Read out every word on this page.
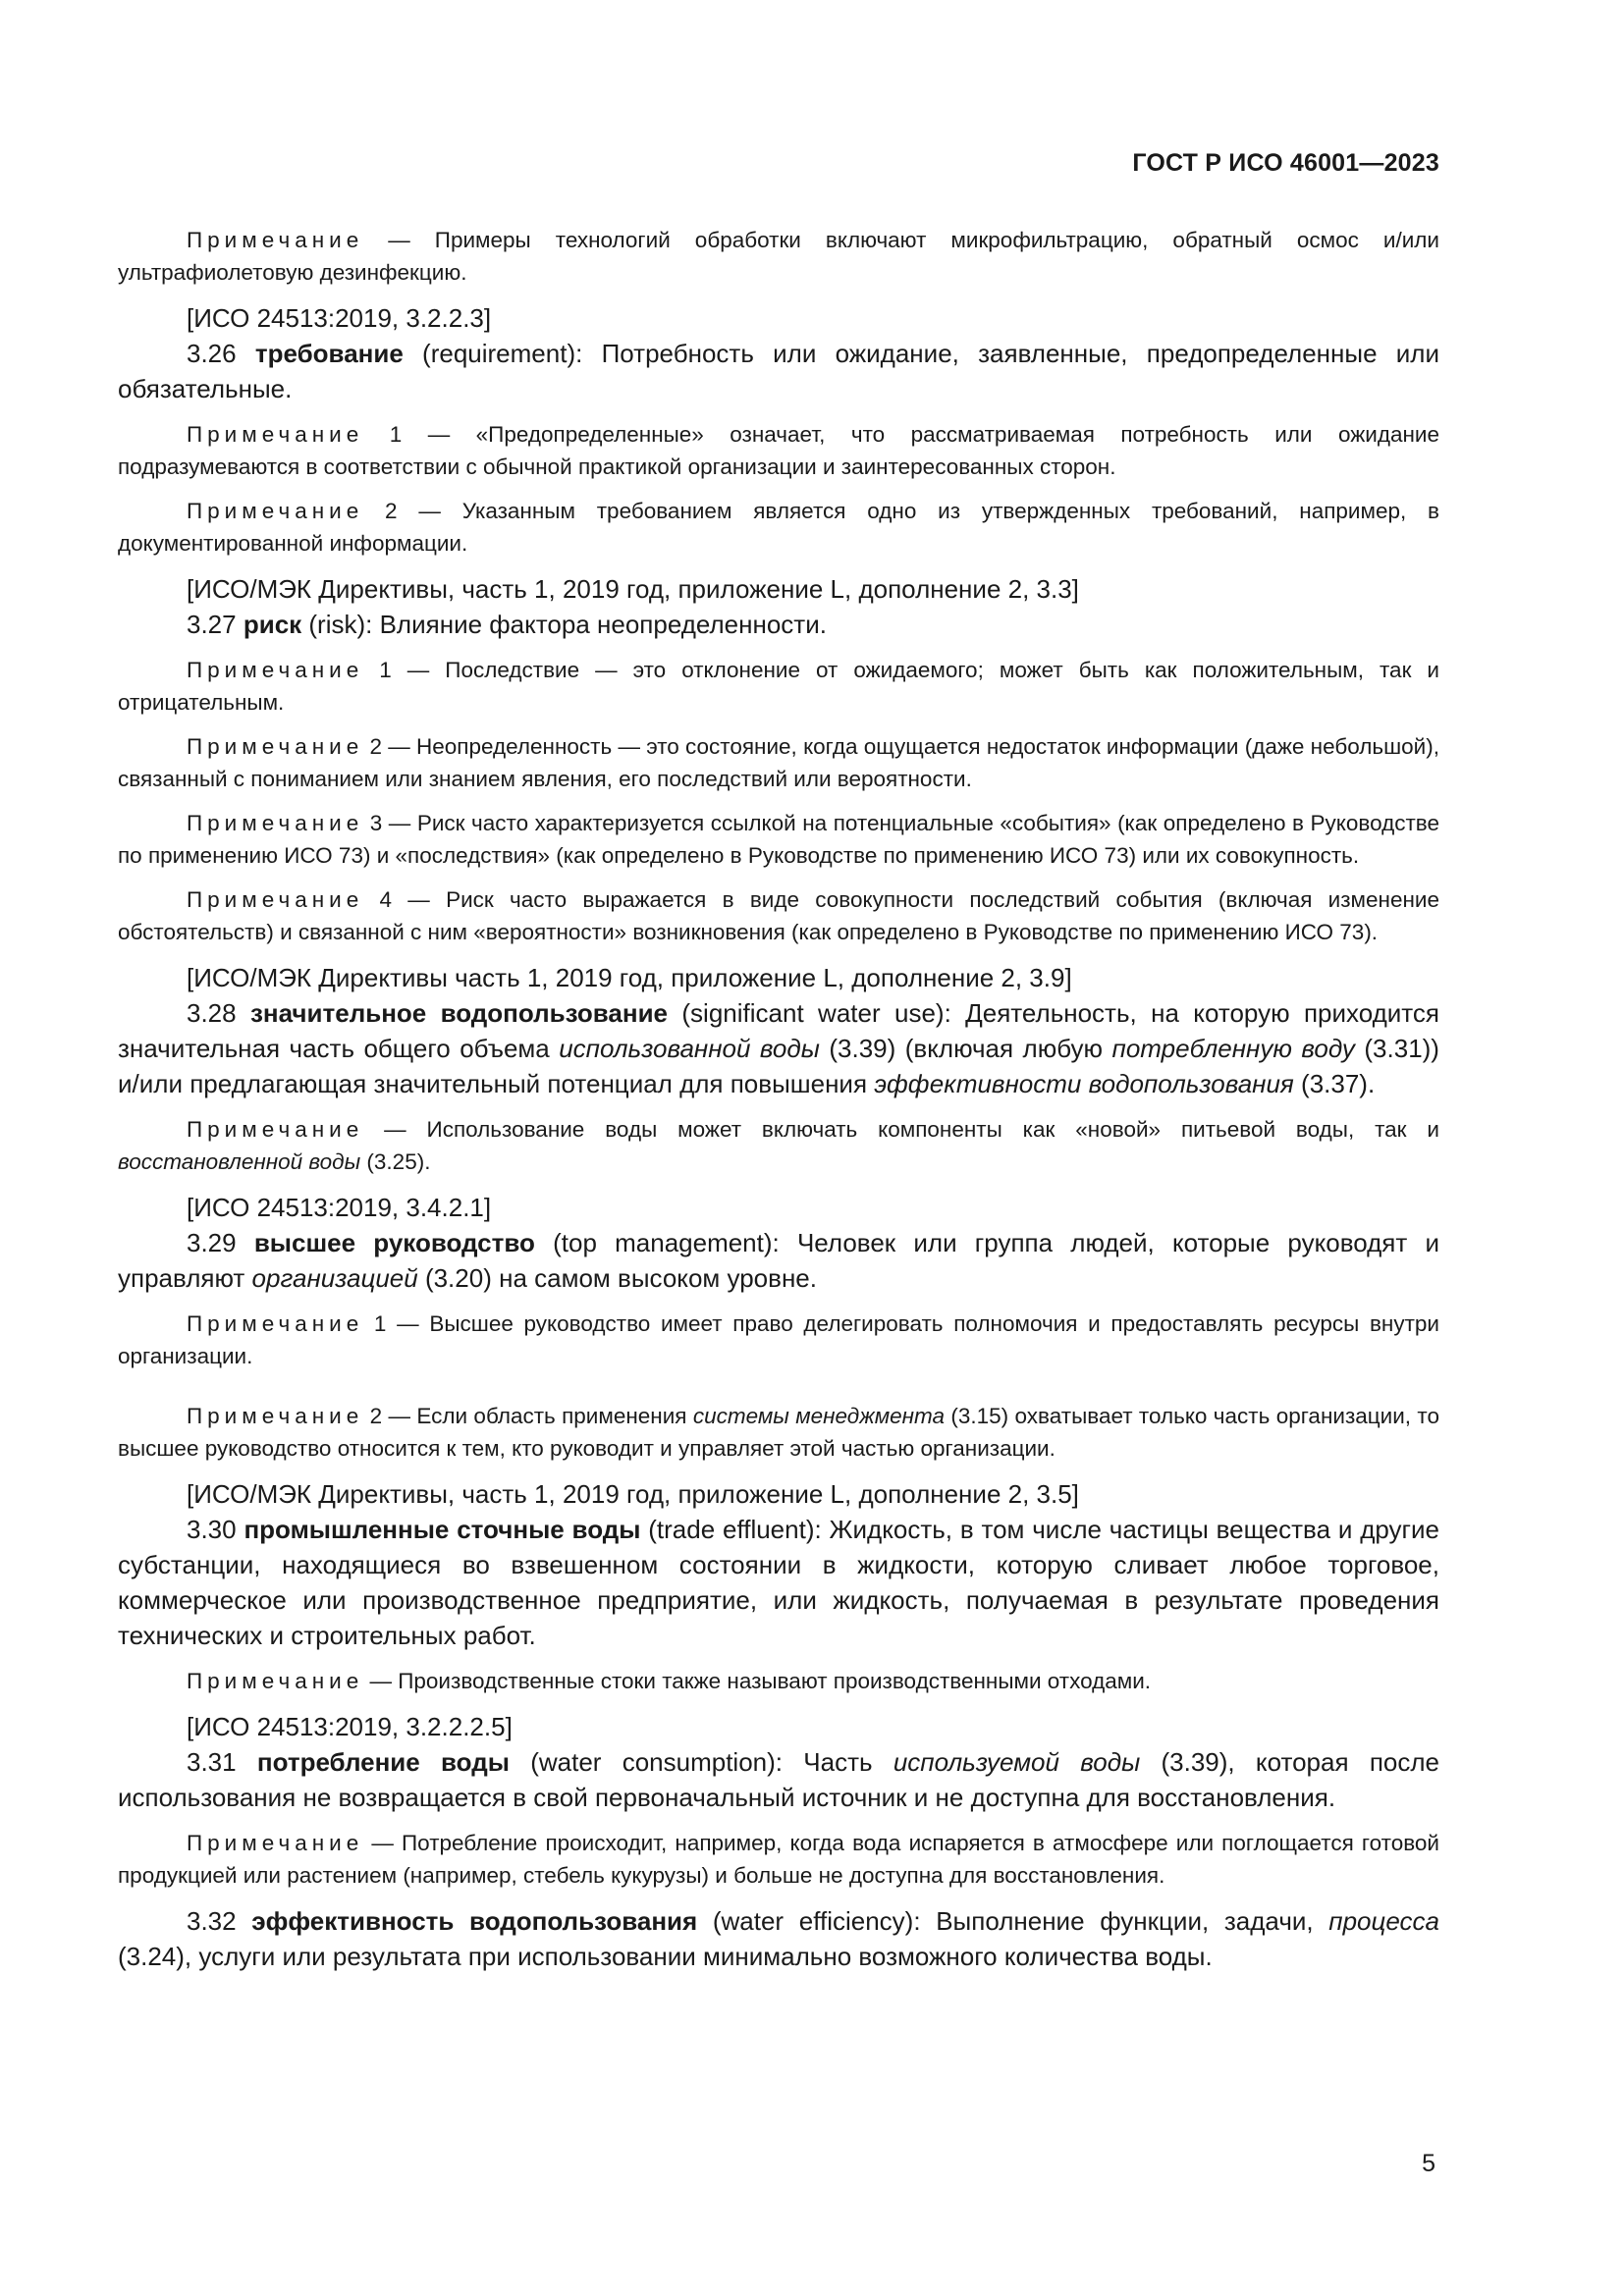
ГОСТ Р ИСО 46001—2023

Примечание — Примеры технологий обработки включают микрофильтрацию, обратный осмос и/или ультрафиолетовую дезинфекцию.

[ИСО 24513:2019, 3.2.2.3]

3.26 требование (requirement): Потребность или ожидание, заявленные, предопределенные или обязательные.

Примечание 1 — «Предопределенные» означает, что рассматриваемая потребность или ожидание подразумеваются в соответствии с обычной практикой организации и заинтересованных сторон.

Примечание 2 — Указанным требованием является одно из утвержденных требований, например, в документированной информации.

[ИСО/МЭК Директивы, часть 1, 2019 год, приложение L, дополнение 2, 3.3]

3.27 риск (risk): Влияние фактора неопределенности.

Примечание 1 — Последствие — это отклонение от ожидаемого; может быть как положительным, так и отрицательным.

Примечание 2 — Неопределенность — это состояние, когда ощущается недостаток информации (даже небольшой), связанный с пониманием или знанием явления, его последствий или вероятности.

Примечание 3 — Риск часто характеризуется ссылкой на потенциальные «события» (как определено в Руководстве по применению ИСО 73) и «последствия» (как определено в Руководстве по применению ИСО 73) или их совокупность.

Примечание 4 — Риск часто выражается в виде совокупности последствий события (включая изменение обстоятельств) и связанной с ним «вероятности» возникновения (как определено в Руководстве по применению ИСО 73).

[ИСО/МЭК Директивы часть 1, 2019 год, приложение L, дополнение 2, 3.9]

3.28 значительное водопользование (significant water use): Деятельность, на которую приходится значительная часть общего объема использованной воды (3.39) (включая любую потребленную воду (3.31)) и/или предлагающая значительный потенциал для повышения эффективности водопользования (3.37).

Примечание — Использование воды может включать компоненты как «новой» питьевой воды, так и восстановленной воды (3.25).

[ИСО 24513:2019, 3.4.2.1]

3.29 высшее руководство (top management): Человек или группа людей, которые руководят и управляют организацией (3.20) на самом высоком уровне.

Примечание 1 — Высшее руководство имеет право делегировать полномочия и предоставлять ресурсы внутри организации.

Примечание 2 — Если область применения системы менеджмента (3.15) охватывает только часть организации, то высшее руководство относится к тем, кто руководит и управляет этой частью организации.

[ИСО/МЭК Директивы, часть 1, 2019 год, приложение L, дополнение 2, 3.5]

3.30 промышленные сточные воды (trade effluent): Жидкость, в том числе частицы вещества и другие субстанции, находящиеся во взвешенном состоянии в жидкости, которую сливает любое торговое, коммерческое или производственное предприятие, или жидкость, получаемая в результате проведения технических и строительных работ.

Примечание — Производственные стоки также называют производственными отходами.

[ИСО 24513:2019, 3.2.2.2.5]

3.31 потребление воды (water consumption): Часть используемой воды (3.39), которая после использования не возвращается в свой первоначальный источник и не доступна для восстановления.

Примечание — Потребление происходит, например, когда вода испаряется в атмосфере или поглощается готовой продукцией или растением (например, стебель кукурузы) и больше не доступна для восстановления.

3.32 эффективность водопользования (water efficiency): Выполнение функции, задачи, процесса (3.24), услуги или результата при использовании минимально возможного количества воды.

5
